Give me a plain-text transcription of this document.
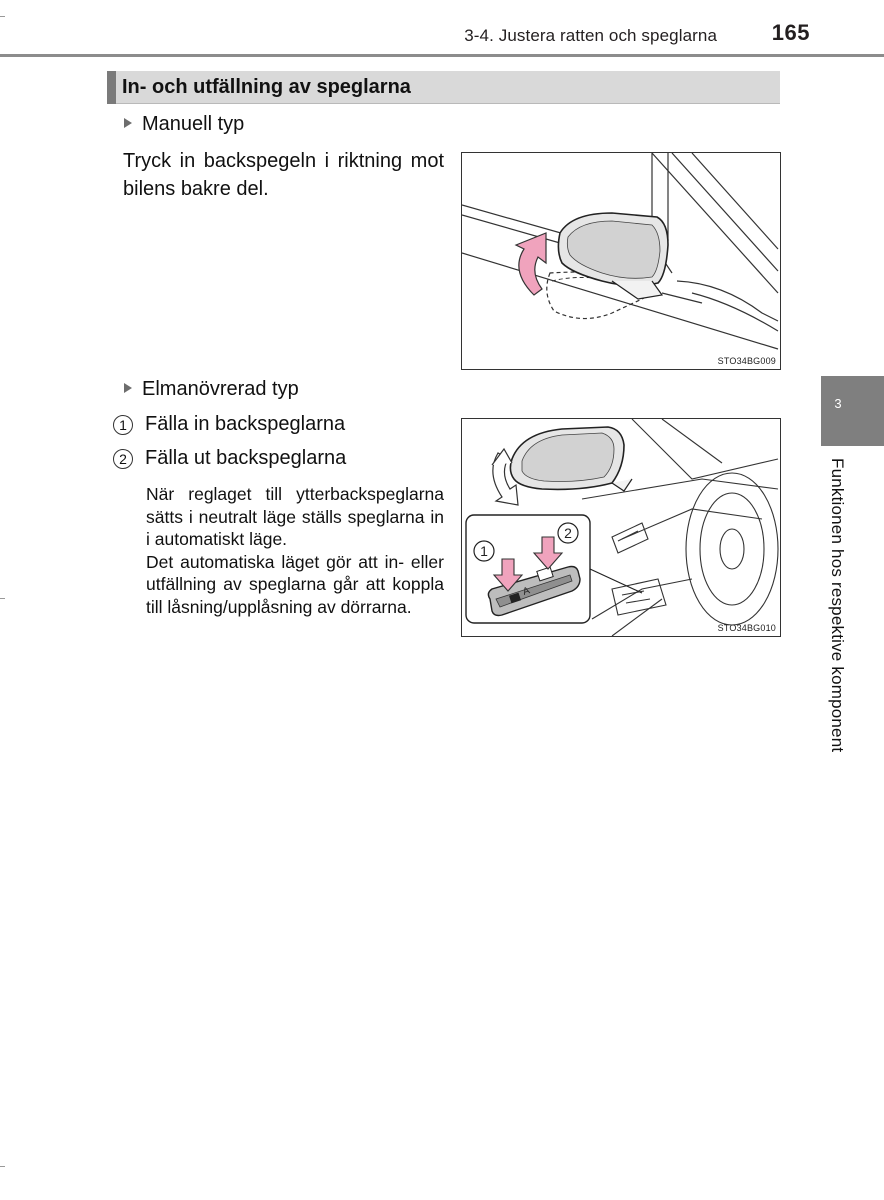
3-4. Justera ratten och speglarna	165
In- och utfällning av speglarna
Manuell typ
Tryck in backspegeln i riktning mot bilens bakre del.
STO34BG009
Elmanövrerad typ
1 Fälla in backspeglarna
2 Fälla ut backspeglarna

När reglaget till ytterbackspeglarna sätts i neutralt läge ställs speglarna in i automatiskt läge.

Det automatiska läget gör att in- eller utfällning av speglarna går att koppla till låsning/upplåsning av dörrarna.

A
1
2
STO34BG010
3
Funktionen hos respektive komponent
